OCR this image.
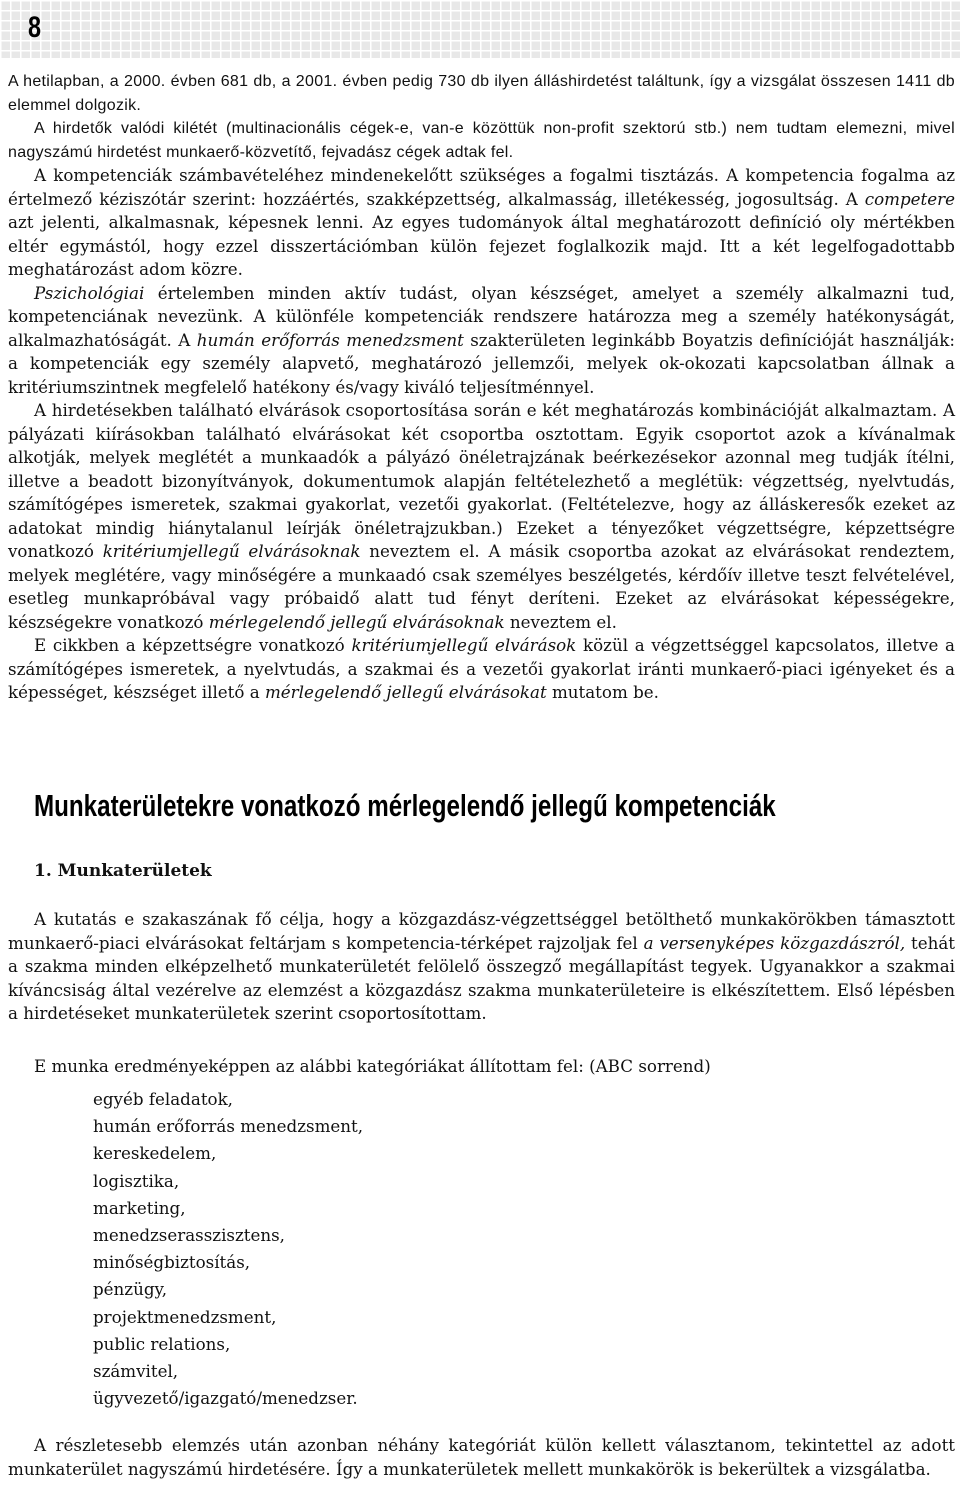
8

A hetilapban, a 2000. évben 681 db, a 2001. évben pedig 730 db ilyen álláshirdetést találtunk, így a vizsgálat összesen 1411 db elemmel dolgozik.

A hirdetők valódi kilétét (multinacionális cégek-e, van-e közöttük non-profit szektorú stb.) nem tudtam elemezni, mivel nagyszámú hirdetést munkaerő-közvetítő, fejvadász cégek adtak fel.

A kompetenciák számbavételéhez mindenekelőtt szükséges a fogalmi tisztázás. A kompetencia fogalma az értelmező kéziszótár szerint: hozzáértés, szakképzettség, alkalmasság, illetékesség, jogosultság. A competere azt jelenti, alkalmasnak, képesnek lenni. Az egyes tudományok által meghatározott definíció oly mértékben eltér egymástól, hogy ezzel disszertációmban külön fejezet foglalkozik majd. Itt a két legelfogadottabb meghatározást adom közre.

Pszichológiai értelemben minden aktív tudást, olyan készséget, amelyet a személy alkalmazni tud, kompetenciának nevezünk. A különféle kompetenciák rendszere határozza meg a személy hatékonyságát, alkalmazhatóságát. A humán erőforrás menedzsment szakterületen leginkább Boyatzis definícióját használják: a kompetenciák egy személy alapvető, meghatározó jellemzői, melyek ok-okozati kapcsolatban állnak a kritériumszintnek megfelelő hatékony és/vagy kiváló teljesítménnyel.

A hirdetésekben található elvárások csoportosítása során e két meghatározás kombinációját alkalmaztam. A pályázati kiírásokban található elvárásokat két csoportba osztottam. Egyik csoportot azok a kívánalmak alkotják, melyek meglétét a munkaadók a pályázó önéletrajzának beérkezésekor azonnal meg tudják ítélni, illetve a beadott bizonyítványok, dokumentumok alapján feltételezhető a meglétük: végzettség, nyelvtudás, számítógépes ismeretek, szakmai gyakorlat, vezetői gyakorlat. (Feltételezve, hogy az álláskeresők ezeket az adatokat mindig hiánytalanul leírják önéletrajzukban.) Ezeket a tényezőket végzettségre, képzettségre vonatkozó kritériumjellegű elvárásoknak neveztem el. A másik csoportba azokat az elvárásokat rendeztem, melyek meglétére, vagy minőségére a munkaadó csak személyes beszélgetés, kérdőív illetve teszt felvételével, esetleg munkapróbával vagy próbaidő alatt tud fényt deríteni. Ezeket az elvárásokat képességekre, készségekre vonatkozó mérlegelendő jellegű elvárásoknak neveztem el.

E cikkben a képzettségre vonatkozó kritériumjellegű elvárások közül a végzettséggel kapcsolatos, illetve a számítógépes ismeretek, a nyelvtudás, a szakmai és a vezetői gyakorlat iránti munkaerő-piaci igényeket és a képességet, készséget illető a mérlegelendő jellegű elvárásokat mutatom be.

Munkaterületekre vonatkozó mérlegelendő jellegű kompetenciák
1. Munkaterületek

A kutatás e szakaszának fő célja, hogy a közgazdász-végzettséggel betölthető munkakörökben támasztott munkaerő-piaci elvárásokat feltárjam s kompetencia-térképet rajzoljak fel a versenyképes közgazdászról, tehát a szakma minden elképzelhető munkaterületét felölelő összegző megállapítást tegyek. Ugyanakkor a szakmai kíváncsiság által vezérelve az elemzést a közgazdász szakma munkaterületeire is elkészítettem. Első lépésben a hirdetéseket munkaterületek szerint csoportosítottam.

E munka eredményeképpen az alábbi kategóriákat állítottam fel: (ABC sorrend)
egyéb feladatok,
humán erőforrás menedzsment,
kereskedelem,
logisztika,
marketing,
menedzserasszisztens,
minőségbiztosítás,
pénzügy,
projektmenedzsment,
public relations,
számvitel,
ügyvezető/igazgató/menedzser.

A részletesebb elemzés után azonban néhány kategóriát külön kellett választanom, tekintettel az adott munkaterület nagyszámú hirdetésére. Így a munkaterületek mellett munkakörök is bekerültek a vizsgálatba.
